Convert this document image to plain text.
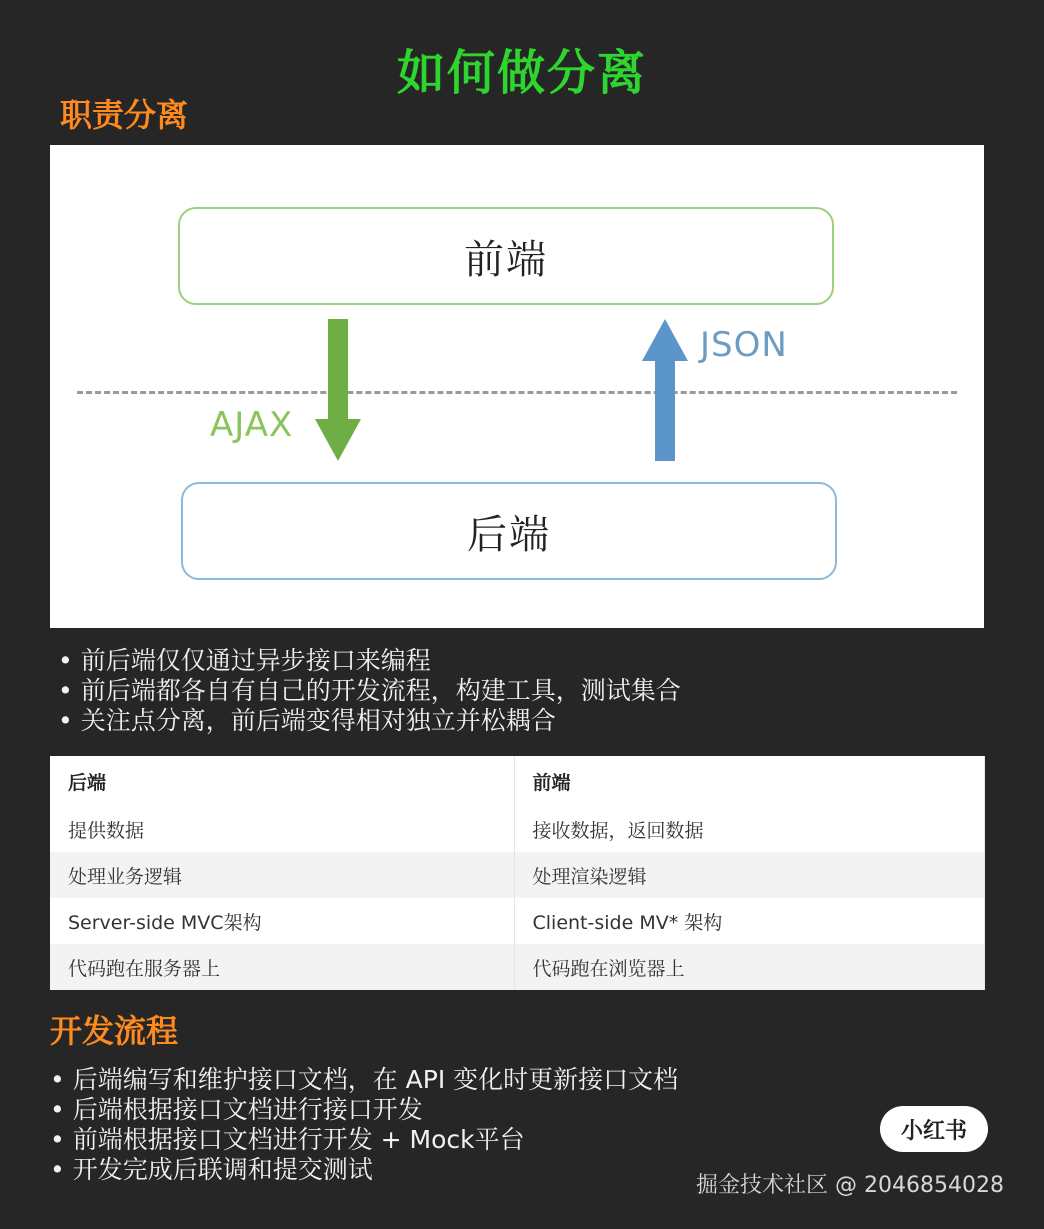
如何做分离
职责分离
前端
AJAX
JSON
后端
• 前后端仅仅通过异步接口来编程
• 前后端都各自有自己的开发流程，构建工具，测试集合
• 关注点分离，前后端变得相对独立并松耦合
后端	前端
提供数据	接收数据，返回数据
处理业务逻辑	处理渲染逻辑
Server-side MVC架构	Client-side MV* 架构
代码跑在服务器上	代码跑在浏览器上
开发流程
• 后端编写和维护接口文档，在 API 变化时更新接口文档
• 后端根据接口文档进行接口开发
• 前端根据接口文档进行开发 + Mock平台
• 开发完成后联调和提交测试
小红书
掘金技术社区 @ 2046854028
